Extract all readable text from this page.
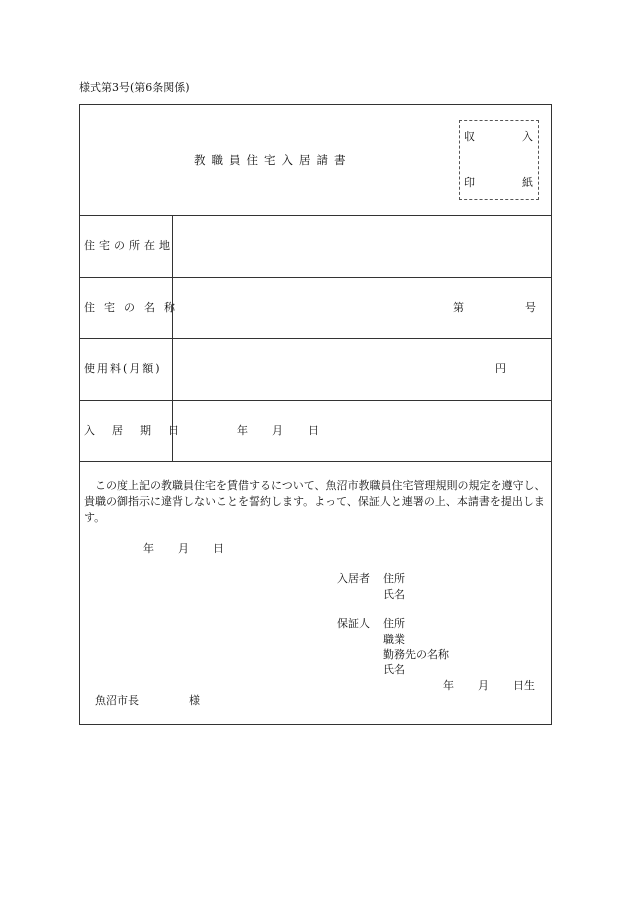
様式第3号(第6条関係)
教職員住宅入居請書
収	入
印	紙
住宅の所在地
住宅の名称	第	号
使用料(月額)	円
入居期日	年 月 日
この度上記の教職員住宅を賃借するについて、魚沼市教職員住宅管理規則の規定を遵守し、貴職の御指示に違背しないことを誓約します。よって、保証人と連署の上、本請書を提出します。
年 月 日
入居者 住所
氏名
保証人 住所
職業
勤務先の名称
氏名
年 月 日生
魚沼市長	様
